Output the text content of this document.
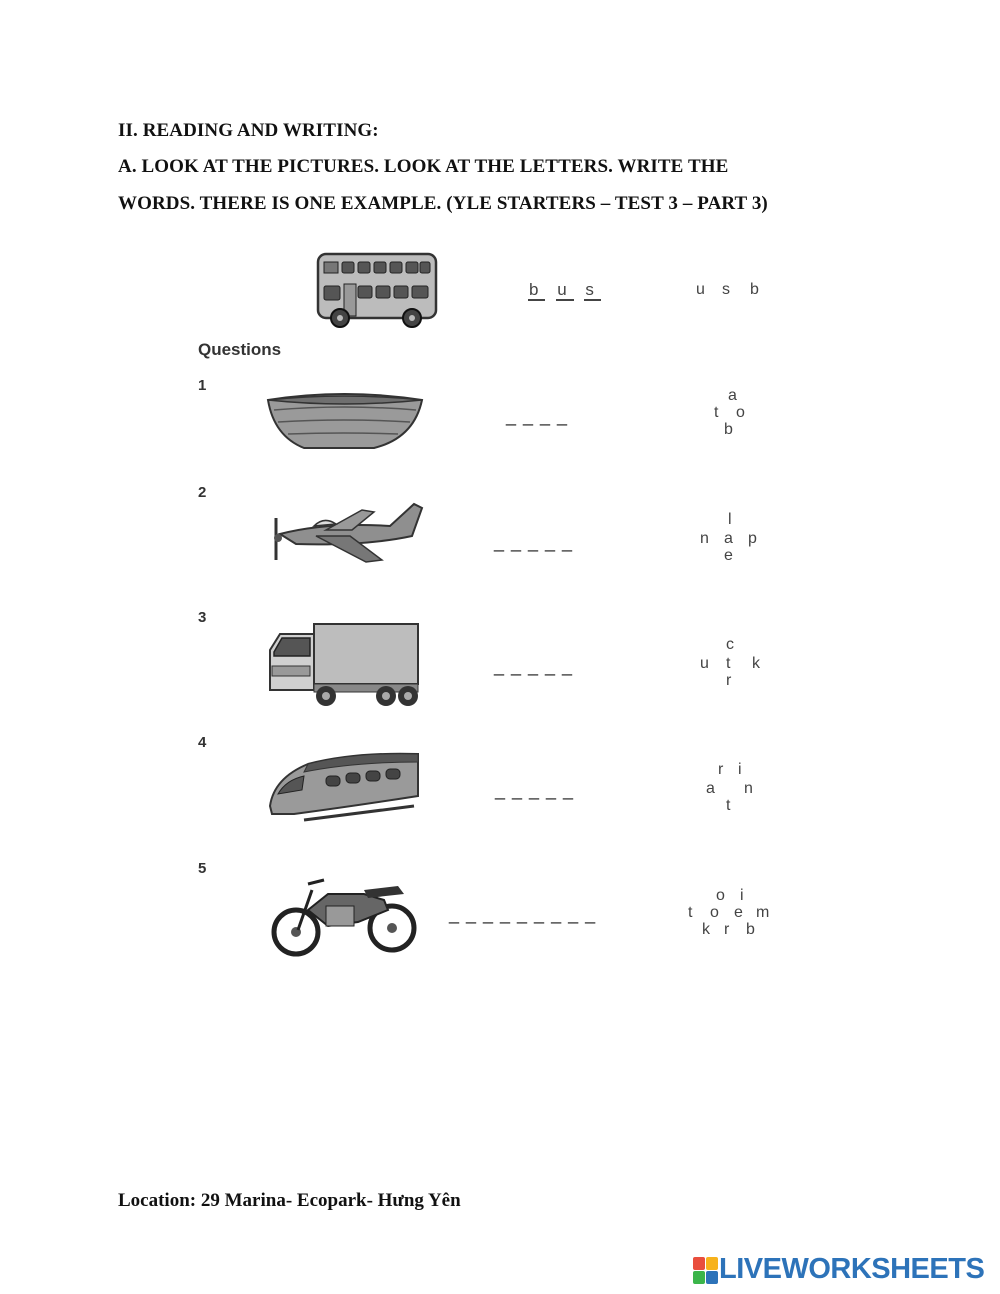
II. READING AND WRITING:
A. LOOK AT THE PICTURES. LOOK AT THE LETTERS. WRITE THE
WORDS. THERE IS ONE EXAMPLE. (YLE STARTERS – TEST 3 – PART 3)
b u s	u s b
Questions
1
_ _ _ _
a
t o
b
2
_ _ _ _ _
l
n a p
e
3
_ _ _ _ _
c
u t k
r
4
_ _ _ _ _
r i
a n
t
5
_ _ _ _ _ _ _ _ _
o i
t o e m
k r b
Location: 29 Marina- Ecopark- Hưng Yên
LIVEWORKSHEETS
